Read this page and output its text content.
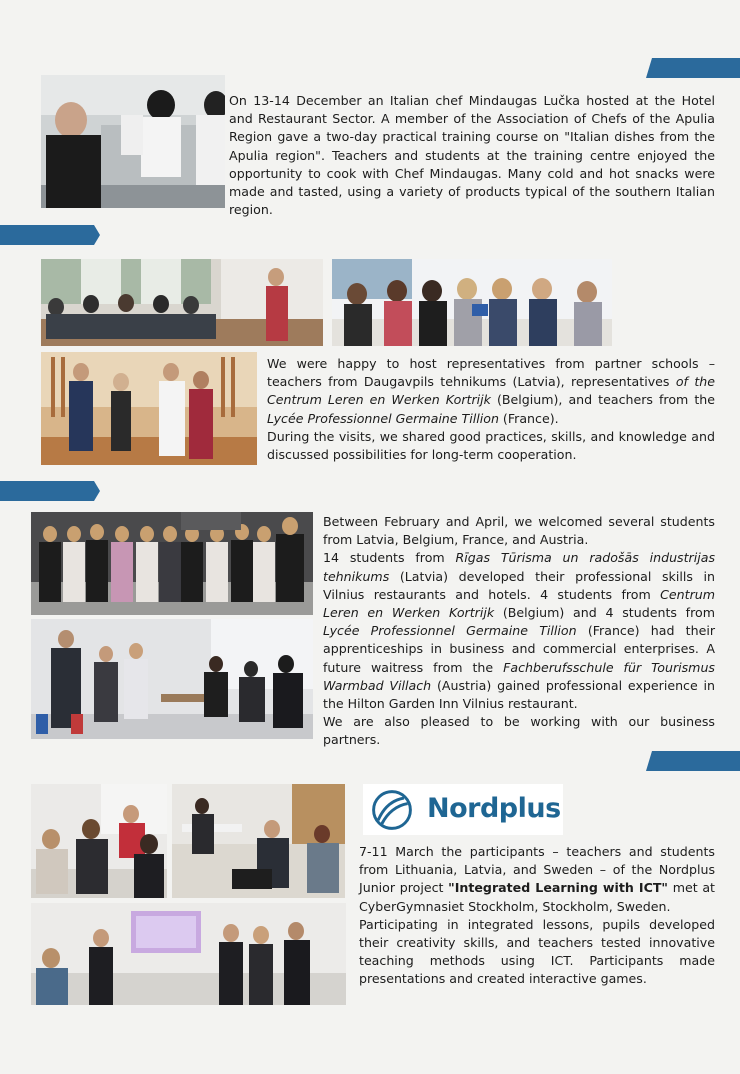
On 13-14 December an Italian chef Mindaugas Lučka hosted at the Hotel and Restaurant Sector. A member of the Association of Chefs of the Apulia Region gave a two-day practical training course on "Italian dishes from the Apulia region". Teachers and students at the training centre enjoyed the opportunity to cook with Chef Mindaugas. Many cold and hot snacks were made and tasted, using a variety of products typical of the southern Italian region.

We were happy to host representatives from partner schools – teachers from Daugavpils tehnikums (Latvia), representatives of the Centrum Leren en Werken Kortrijk (Belgium), and teachers from the Lycée Professionnel Germaine Tillion (France).

During the visits, we shared good practices, skills, and knowledge and discussed possibilities for long-term cooperation.

Between February and April, we welcomed several students from Latvia, Belgium, France, and Austria.

14 students from Rīgas Tūrisma un radošās industrijas tehnikums (Latvia) developed their professional skills in Vilnius restaurants and hotels. 4 students from Centrum Leren en Werken Kortrijk (Belgium) and 4 students from Lycée Professionnel Germaine Tillion (France) had their apprenticeships in business and commercial enterprises. A future waitress from the Fachberufsschule für Tourismus Warmbad Villach (Austria) gained professional experience in the Hilton Garden Inn Vilnius restaurant.

We are also pleased to be working with our business partners.

Nordplus

7-11 March the participants – teachers and students from Lithuania, Latvia, and Sweden – of the Nordplus Junior project "Integrated Learning with ICT" met at CyberGymnasiet Stockholm, Stockholm, Sweden.

Participating in integrated lessons, pupils developed their creativity skills, and teachers tested innovative teaching methods using ICT. Participants made presentations and created interactive games.
